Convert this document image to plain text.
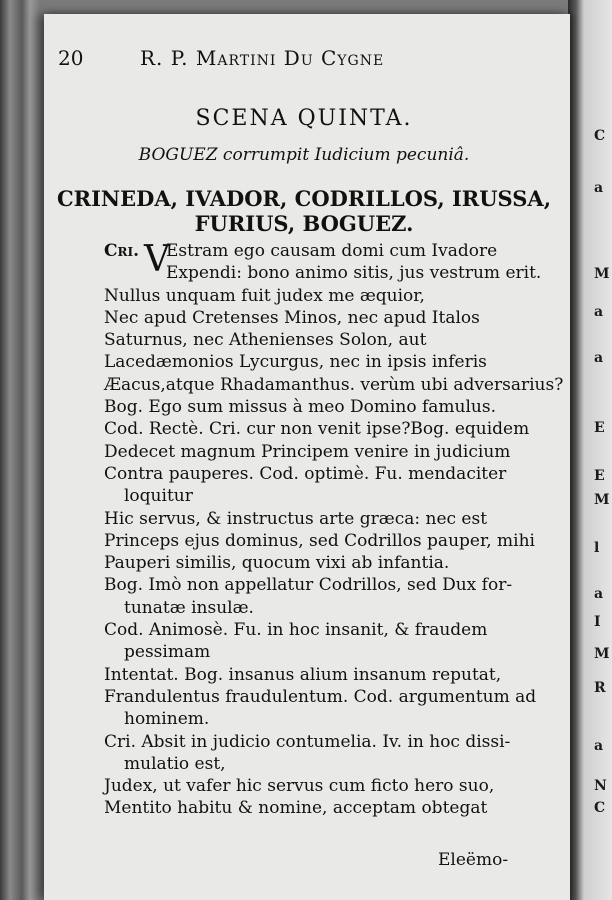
C
a
M
a
a
E
E
M
l
a
I
M
R
a
N
C
20	R. P. Martini Du Cygne
SCENA QUINTA.
BOGUEZ corrumpit Iudicium pecuniâ.
CRINEDA, IVADOR, CODRILLOS, IRUSSA,
FURIUS, BOGUEZ.
Cri. V
Estram ego causam domi cum Ivadore
Expendi: bono animo sitis, jus vestrum erit.
Nullus unquam fuit judex me æquior,
Nec apud Cretenses Minos, nec apud Italos
Saturnus, nec Athenienses Solon, aut
Lacedæmonios Lycurgus, nec in ipsis inferis
Æacus,atque Rhadamanthus. verùm ubi adversarius?
Bog. Ego sum missus à meo Domino famulus.
Cod. Rectè. Cri. cur non venit ipse?Bog. equidem
Dedecet magnum Principem venire in judicium
Contra pauperes. Cod. optimè. Fu. mendaciter
loquitur
Hic servus, & instructus arte græca: nec est
Princeps ejus dominus, sed Codrillos pauper, mihi
Pauperi similis, quocum vixi ab infantia.
Bog. Imò non appellatur Codrillos, sed Dux for-
tunatæ insulæ.
Cod. Animosè. Fu. in hoc insanit, & fraudem
pessimam
Intentat. Bog. insanus alium insanum reputat,
Frandulentus fraudulentum. Cod. argumentum ad
hominem.
Cri. Absit in judicio contumelia. Iv. in hoc dissi-
mulatio est,
Judex, ut vafer hic servus cum ficto hero suo,
Mentito habitu & nomine, acceptam obtegat
Eleëmo-
